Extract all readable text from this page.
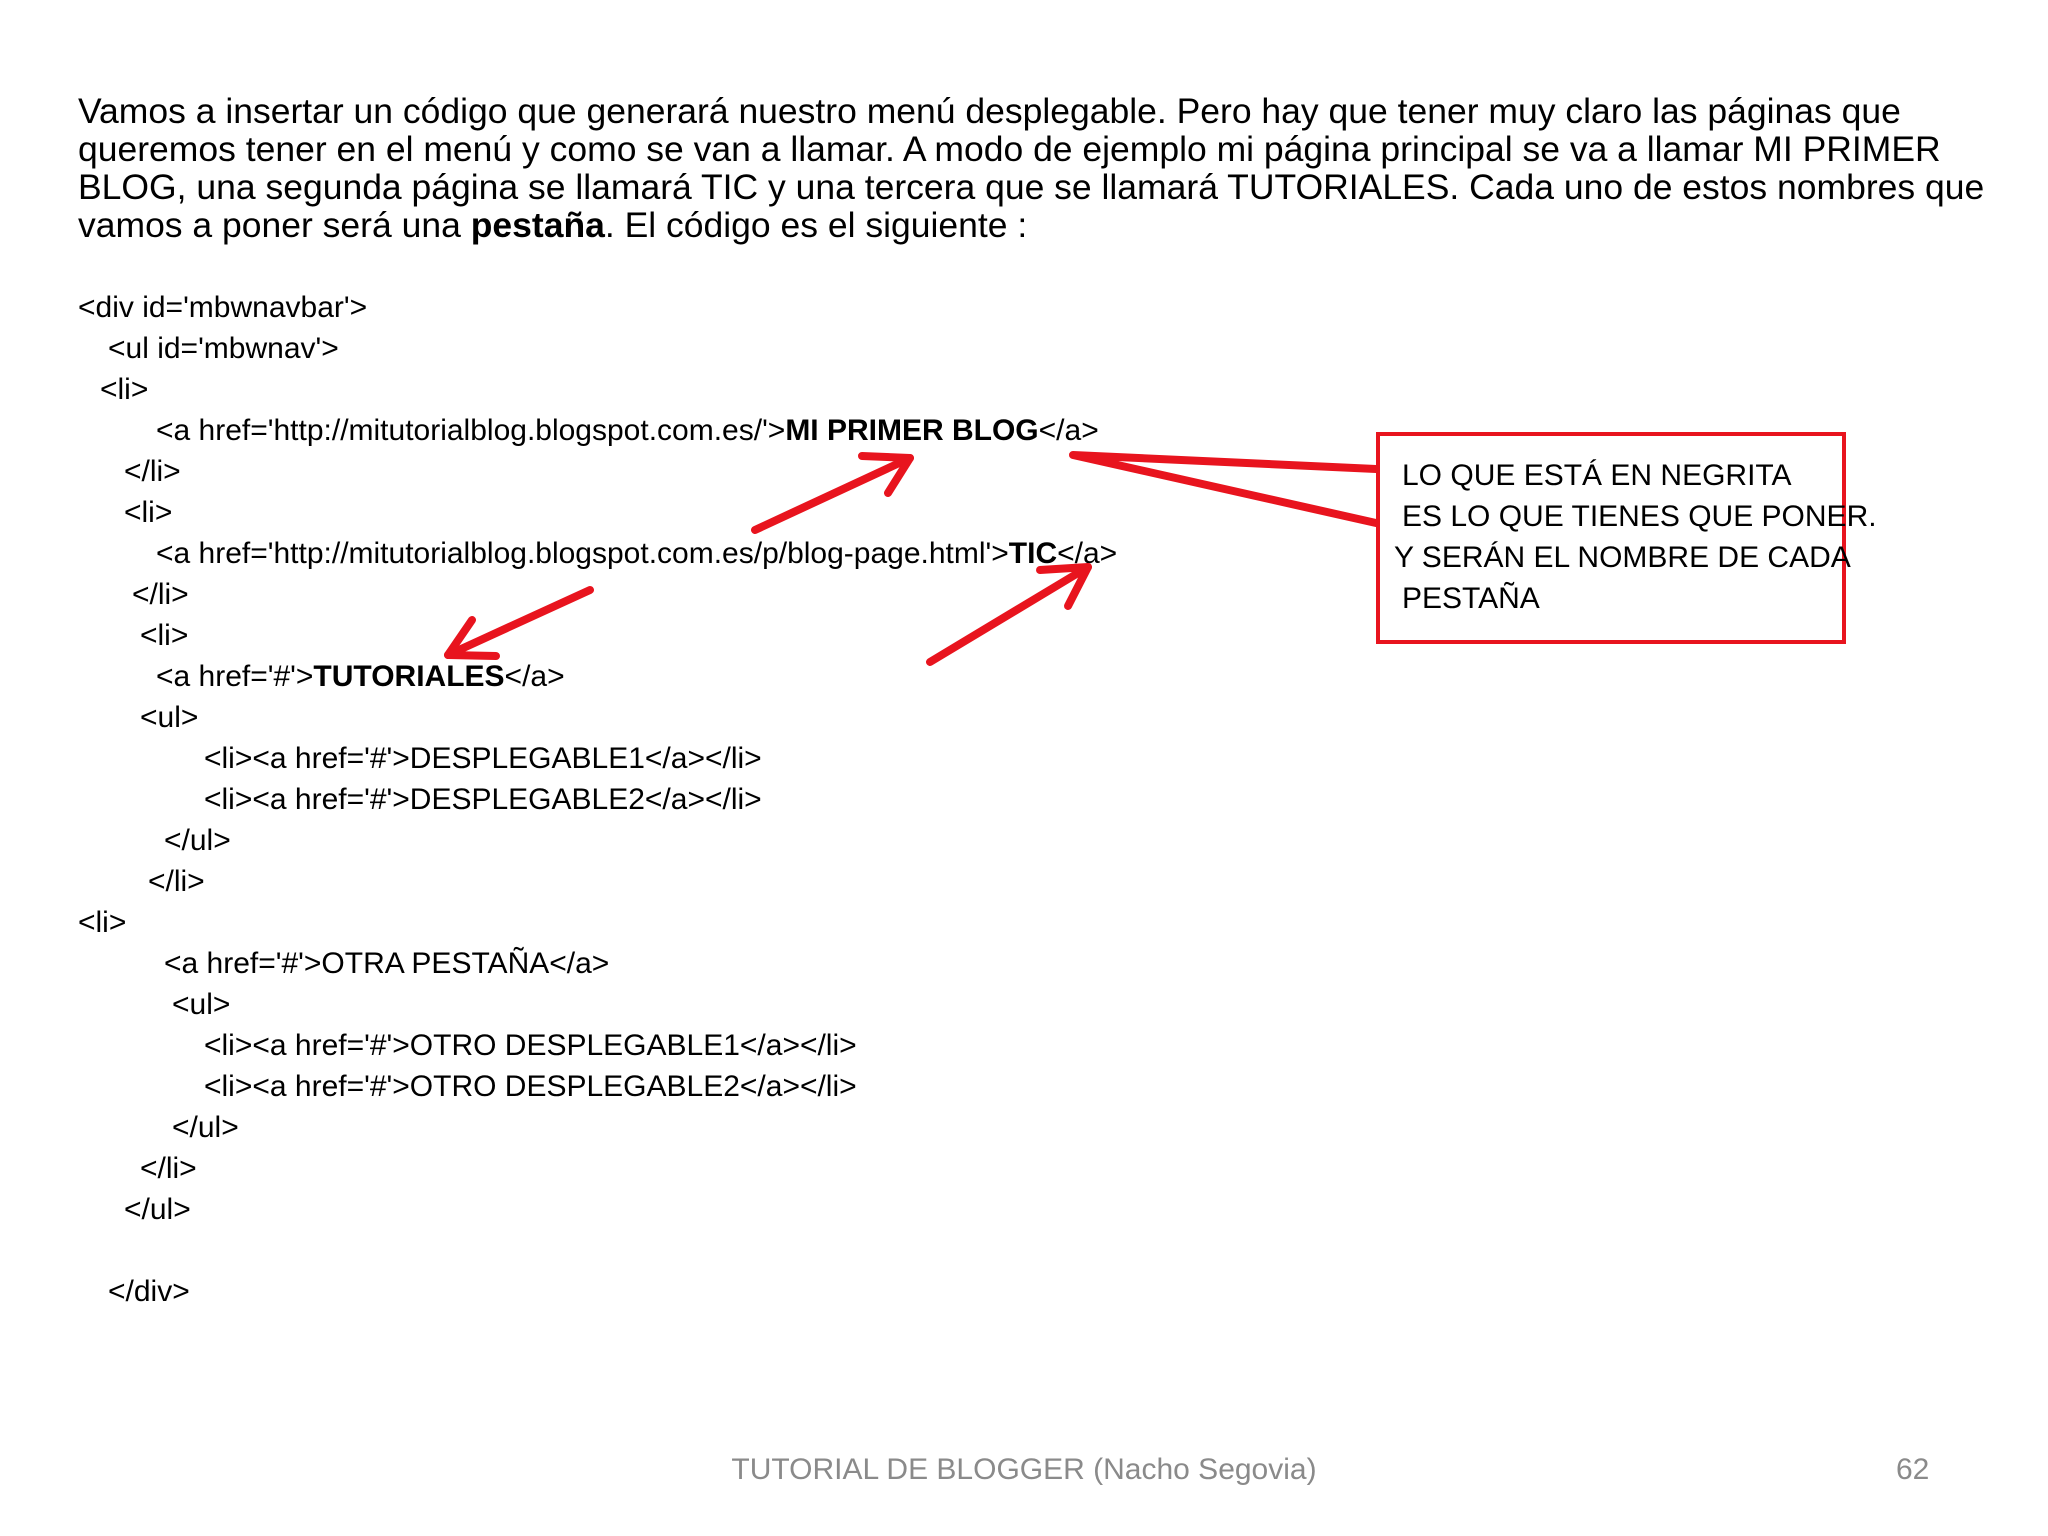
Vamos a insertar un código que generará nuestro menú desplegable. Pero hay que tener muy claro las páginas que
queremos tener en el menú y como se van a llamar. A modo de ejemplo mi página principal se va a llamar MI PRIMER
BLOG, una segunda página se llamará TIC y una tercera que se llamará TUTORIALES. Cada uno de estos nombres que
vamos a poner será una pestaña. El código es el siguiente :
<div id='mbwnavbar'>
<ul id='mbwnav'>
<li>
<a href='http://mitutorialblog.blogspot.com.es/'>MI PRIMER BLOG</a>
</li>
<li>
<a href='http://mitutorialblog.blogspot.com.es/p/blog-page.html'>TIC</a>
</li>
<li>
<a href='#'>TUTORIALES</a>
<ul>
<li><a href='#'>DESPLEGABLE1</a></li>
<li><a href='#'>DESPLEGABLE2</a></li>
</ul>
</li>
<li>
<a href='#'>OTRA PESTAÑA</a>
<ul>
<li><a href='#'>OTRO DESPLEGABLE1</a></li>
<li><a href='#'>OTRO DESPLEGABLE2</a></li>
</ul>
</li>
</ul>
</div>
LO QUE ESTÁ EN NEGRITA
ES LO QUE TIENES QUE PONER.
Y SERÁN EL NOMBRE DE CADA
PESTAÑA
TUTORIAL DE BLOGGER (Nacho Segovia)	62
